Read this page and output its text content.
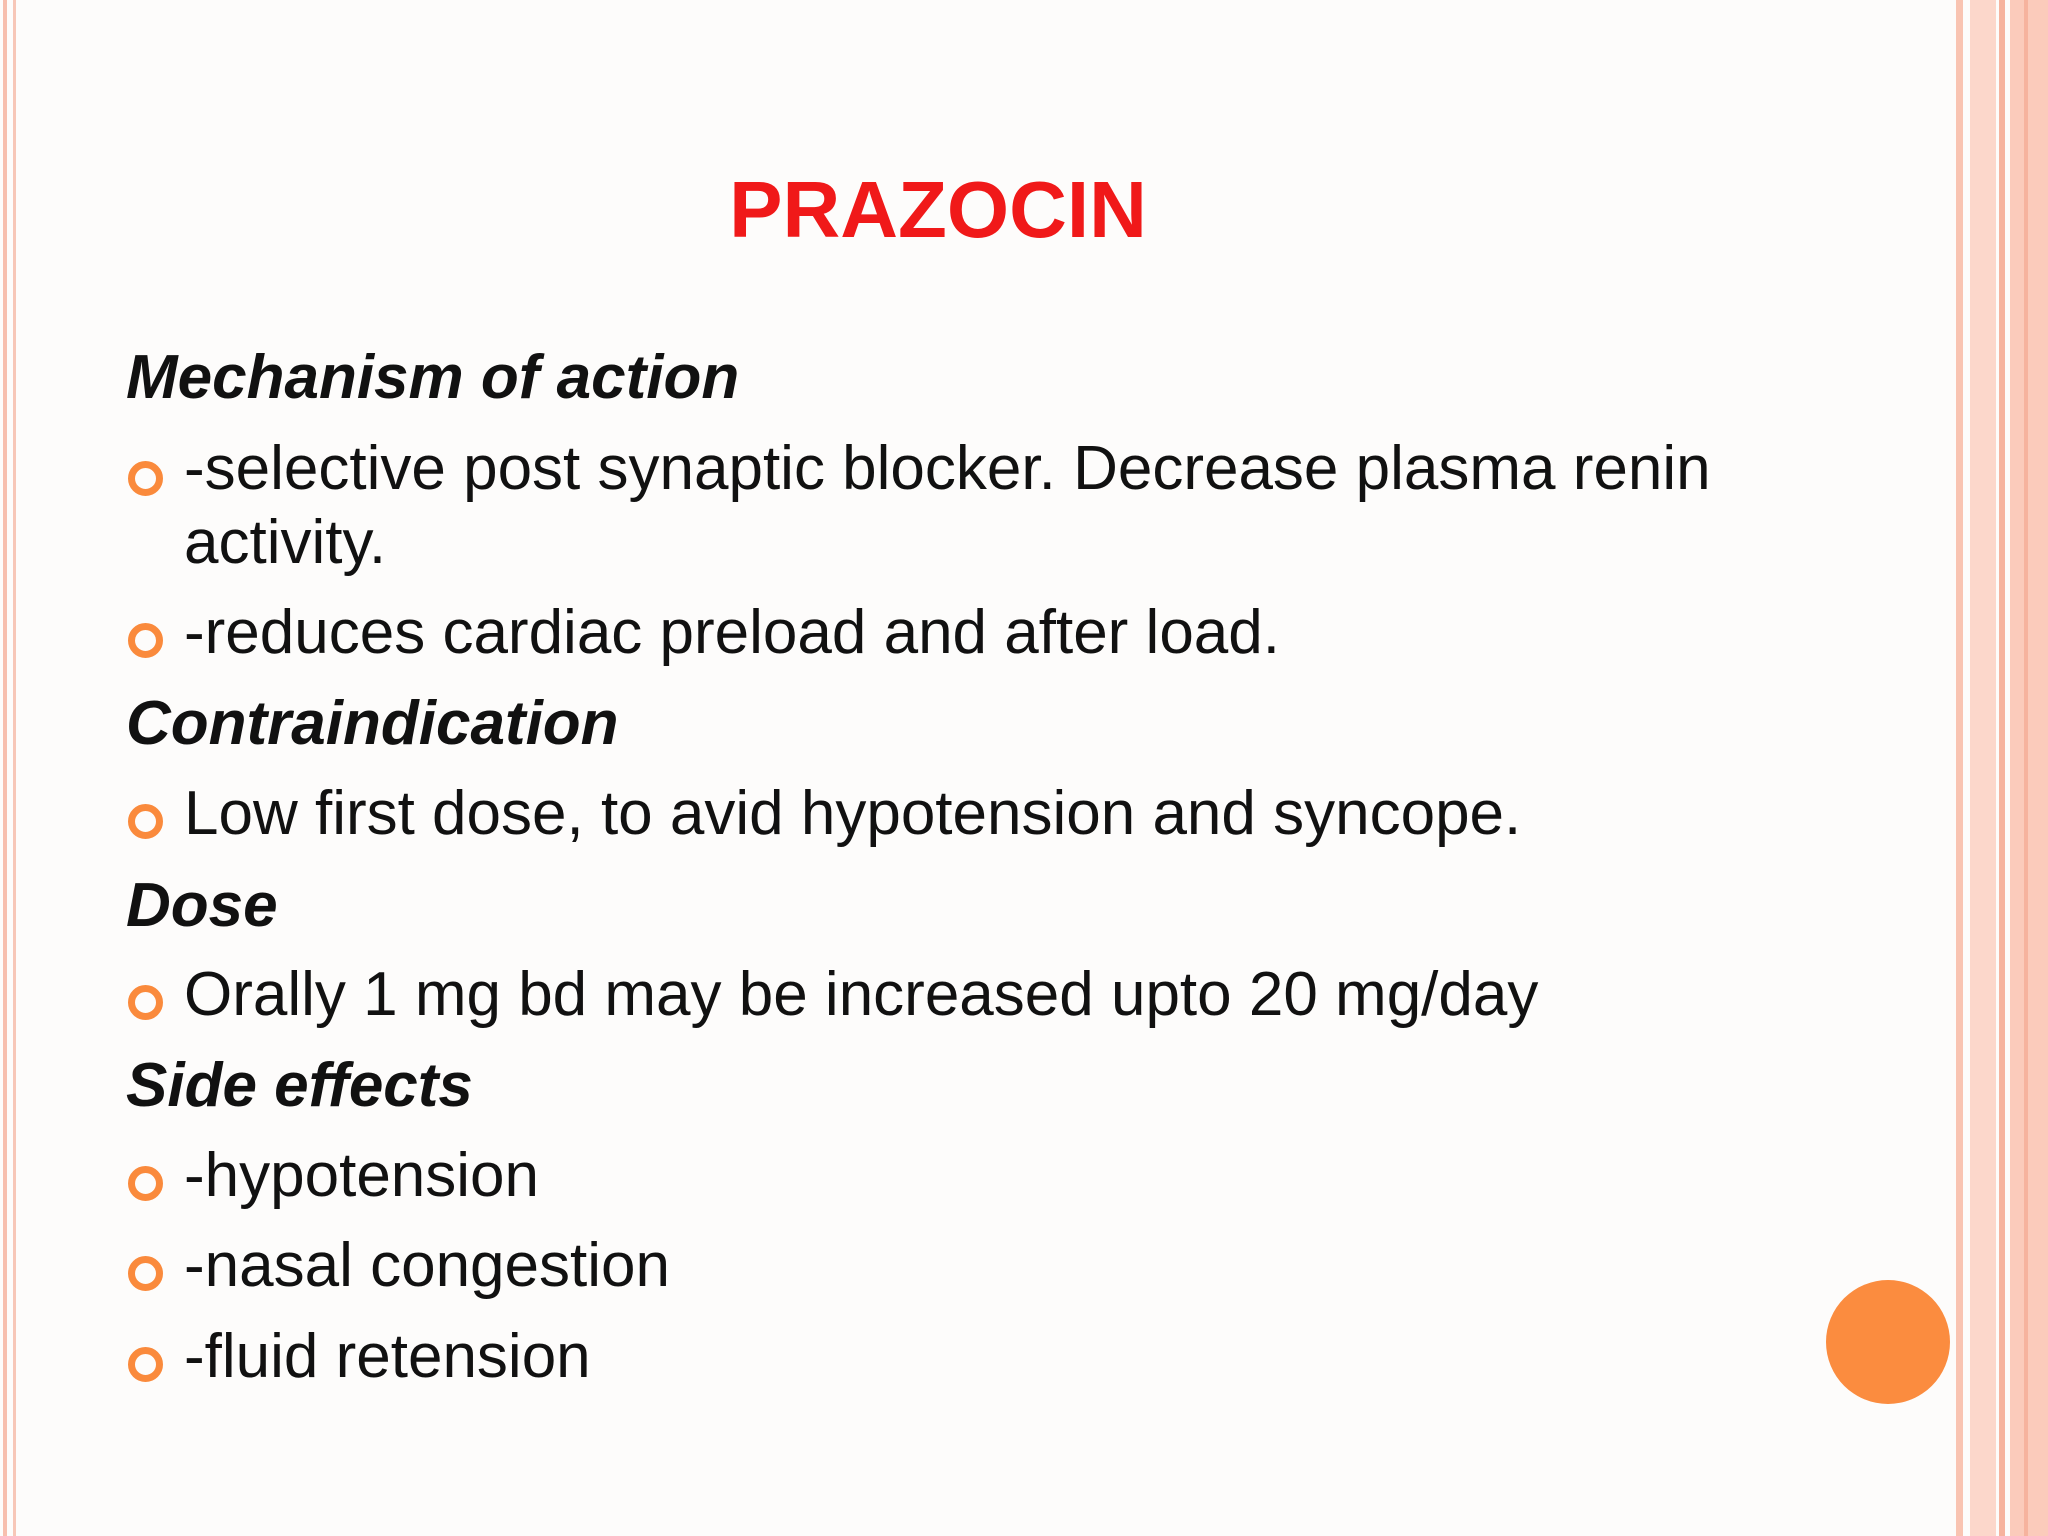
PRAZOCIN
Mechanism of action
-selective post synaptic blocker. Decrease plasma renin activity.
-reduces cardiac preload and after load.
Contraindication
Low first dose, to avid hypotension and syncope.
Dose
Orally 1 mg bd may be increased upto 20 mg/day
Side effects
-hypotension
-nasal congestion
-fluid retension
